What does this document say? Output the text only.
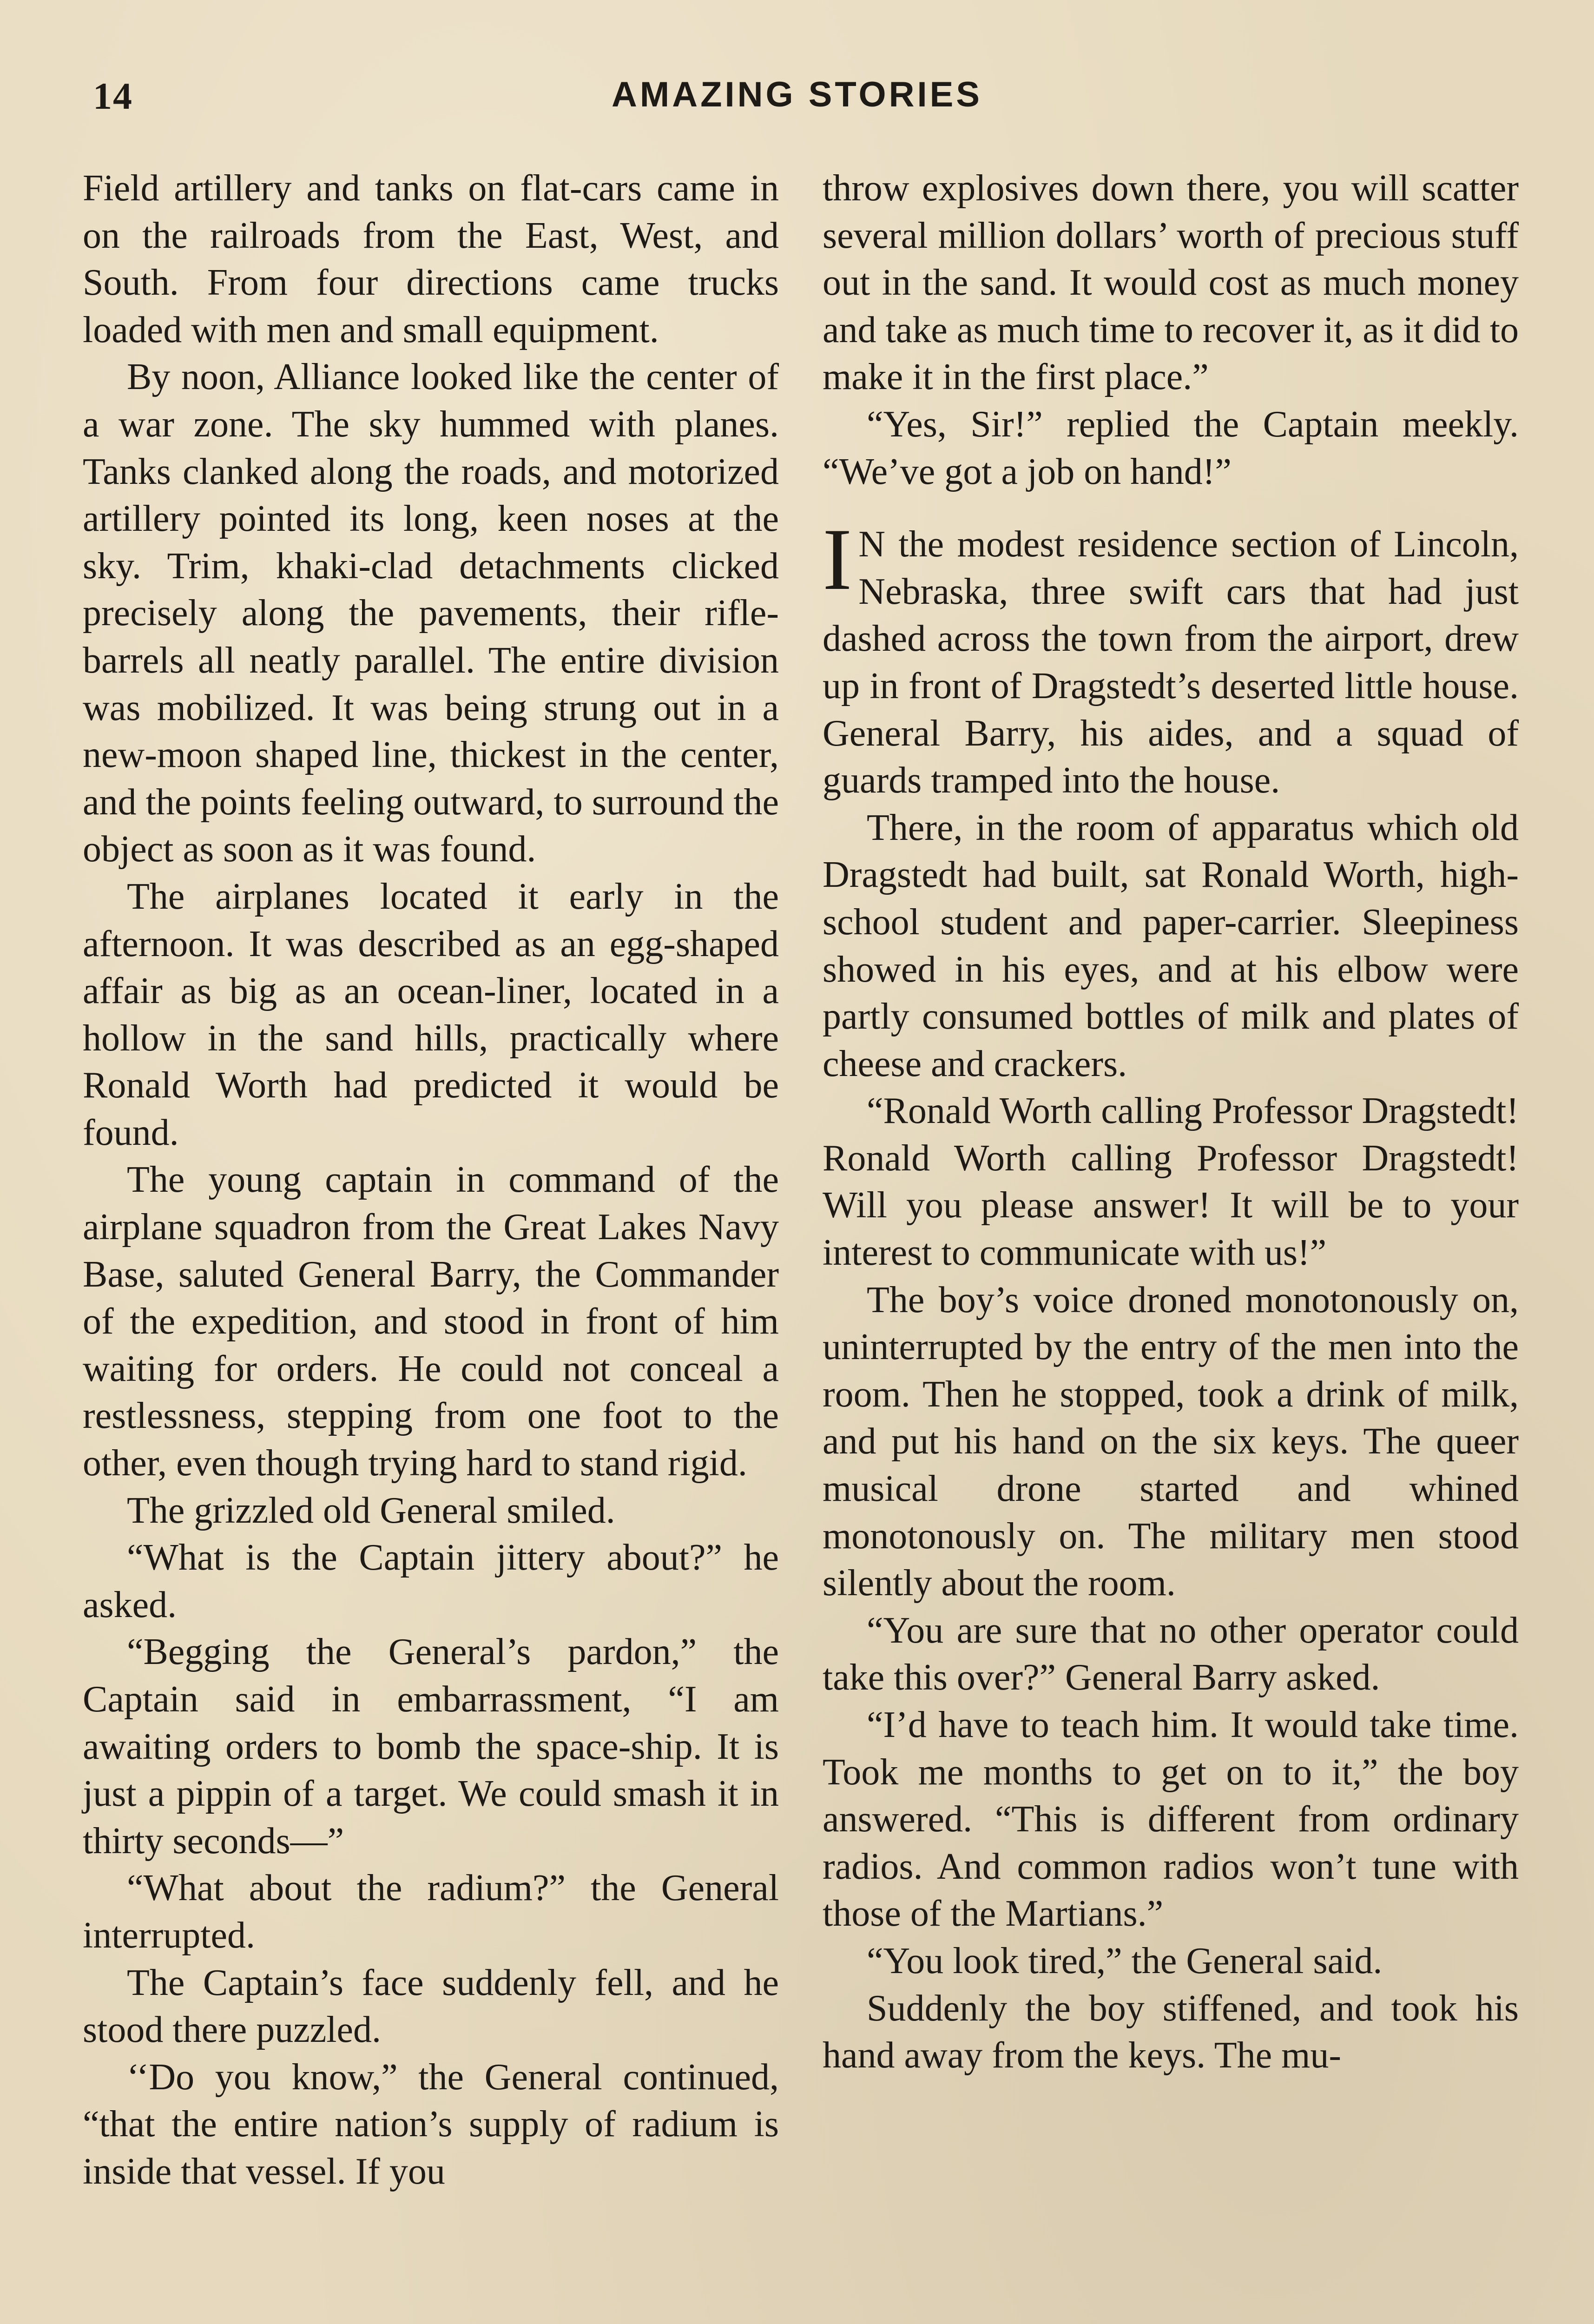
14	AMAZING STORIES

Field artillery and tanks on flat-cars came in on the railroads from the East, West, and South. From four directions came trucks loaded with men and small equipment.

By noon, Alliance looked like the center of a war zone. The sky hummed with planes. Tanks clanked along the roads, and motorized artillery pointed its long, keen noses at the sky. Trim, khaki-clad detachments clicked precisely along the pavements, their rifle-barrels all neatly parallel. The entire division was mobilized. It was being strung out in a new-moon shaped line, thickest in the center, and the points feeling outward, to surround the object as soon as it was found.

The airplanes located it early in the afternoon. It was described as an egg-shaped affair as big as an ocean-liner, located in a hollow in the sand hills, practically where Ronald Worth had predicted it would be found.

The young captain in command of the airplane squadron from the Great Lakes Navy Base, saluted General Barry, the Commander of the expedition, and stood in front of him waiting for orders. He could not conceal a restlessness, stepping from one foot to the other, even though trying hard to stand rigid.

The grizzled old General smiled.

“What is the Captain jittery about?” he asked.

“Begging the General’s pardon,” the Captain said in embarrassment, “I am awaiting orders to bomb the space-ship. It is just a pippin of a target. We could smash it in thirty seconds—”

“What about the radium?” the General interrupted.

The Captain’s face suddenly fell, and he stood there puzzled.

‘‘Do you know,” the General continued, “that the entire nation’s supply of radium is inside that vessel. If you

throw explosives down there, you will scatter several million dollars’ worth of precious stuff out in the sand. It would cost as much money and take as much time to recover it, as it did to make it in the first place.”

“Yes, Sir!” replied the Captain meekly. “We’ve got a job on hand!”

I N the modest residence section of Lincoln, Nebraska, three swift cars that had just dashed across the town from the airport, drew up in front of Dragstedt’s deserted little house. General Barry, his aides, and a squad of guards tramped into the house.

There, in the room of apparatus which old Dragstedt had built, sat Ronald Worth, high-school student and paper-carrier. Sleepiness showed in his eyes, and at his elbow were partly consumed bottles of milk and plates of cheese and crackers.

“Ronald Worth calling Professor Dragstedt! Ronald Worth calling Professor Dragstedt! Will you please answer! It will be to your interest to communicate with us!”

The boy’s voice droned monotonously on, uninterrupted by the entry of the men into the room. Then he stopped, took a drink of milk, and put his hand on the six keys. The queer musical drone started and whined monotonously on. The military men stood silently about the room.

“You are sure that no other operator could take this over?” General Barry asked.

“I’d have to teach him. It would take time. Took me months to get on to it,” the boy answered. “This is different from ordinary radios. And common radios won’t tune with those of the Martians.”

“You look tired,” the General said.

Suddenly the boy stiffened, and took his hand away from the keys. The mu-
